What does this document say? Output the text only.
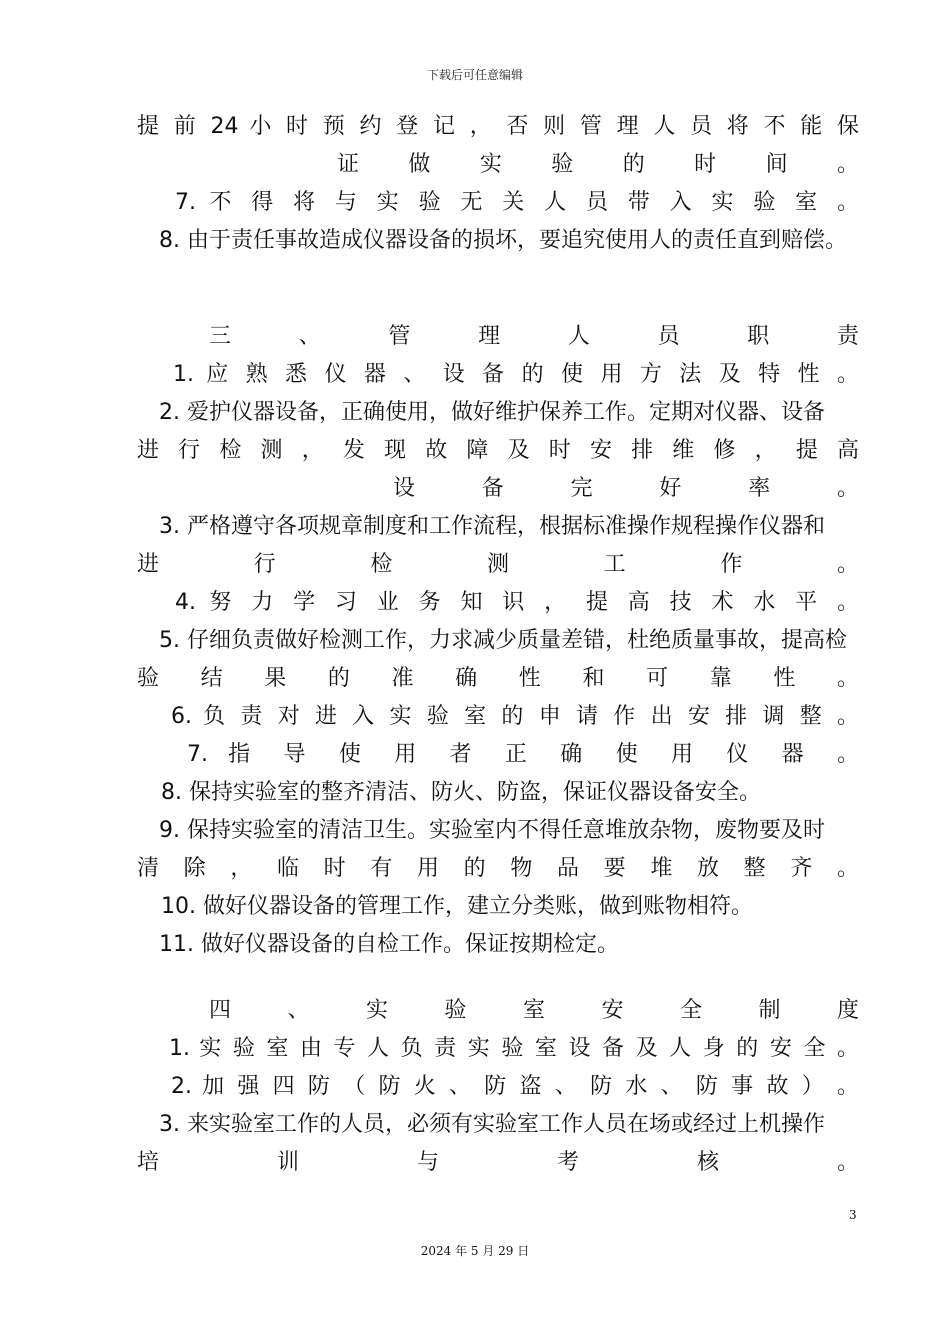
下载后可任意编辑
提 前 24 小 时 预 约 登 记 ， 否 则 管 理 人 员 将 不 能 保
证 做 实 验 的 时 间 。
7. 不 得 将 与 实 验 无 关 人 员 带 入 实 验 室 。
8. 由于责任事故造成仪器设备的损坏，要追究使用人的责任直到赔偿。
三 、 管 理 人 员 职 责
1. 应 熟 悉 仪 器 、 设 备 的 使 用 方 法 及 特 性 。
2. 爱护仪器设备，正确使用，做好维护保养工作。定期对仪器、设备
进 行 检 测 ， 发 现 故 障 及 时 安 排 维 修 ， 提 高
设 备 完 好 率 。
3. 严格遵守各项规章制度和工作流程，根据标准操作规程操作仪器和
进 行 检 测 工 作 。
4. 努 力 学 习 业 务 知 识 ， 提 高 技 术 水 平 。
5. 仔细负责做好检测工作，力求减少质量差错，杜绝质量事故，提高检
验 结 果 的 准 确 性 和 可 靠 性 。
6. 负 责 对 进 入 实 验 室 的 申 请 作 出 安 排 调 整 。
7. 指 导 使 用 者 正 确 使 用 仪 器 。
8. 保持实验室的整齐清洁、防火、防盗，保证仪器设备安全。
9. 保持实验室的清洁卫生。实验室内不得任意堆放杂物，废物要及时
清 除 ， 临 时 有 用 的 物 品 要 堆 放 整 齐 。
10. 做好仪器设备的管理工作，建立分类账，做到账物相符。
11. 做好仪器设备的自检工作。保证按期检定。
四 、 实 验 室 安 全 制 度
1. 实 验 室 由 专 人 负 责 实 验 室 设 备 及 人 身 的 安 全 。
2. 加 强 四 防 （ 防 火 、 防 盗 、 防 水 、 防 事 故 ） 。
3. 来实验室工作的人员，必须有实验室工作人员在场或经过上机操作
培 训 与 考 核 。
3
2024 年 5 月 29 日
